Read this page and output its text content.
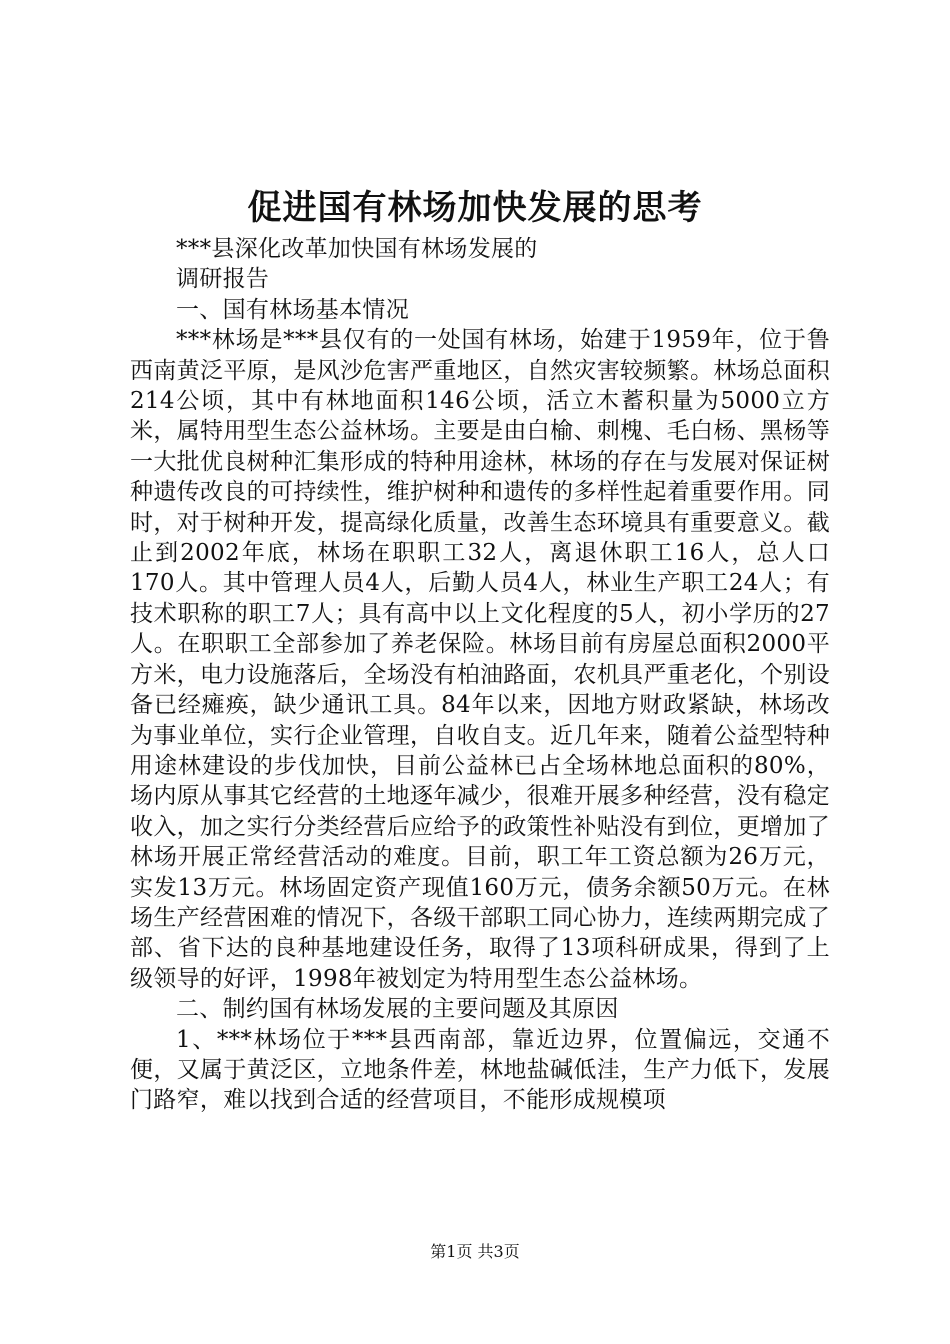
促进国有林场加快发展的思考

***县深化改革加快国有林场发展的

调研报告

一、国有林场基本情况

***林场是***县仅有的一处国有林场，始建于1959年，位于鲁西南黄泛平原，是风沙危害严重地区，自然灾害较频繁。林场总面积214公顷，其中有林地面积146公顷，活立木蓄积量为5000立方米，属特用型生态公益林场。主要是由白榆、刺槐、毛白杨、黑杨等一大批优良树种汇集形成的特种用途林，林场的存在与发展对保证树种遗传改良的可持续性，维护树种和遗传的多样性起着重要作用。同时，对于树种开发，提高绿化质量，改善生态环境具有重要意义。截止到2002年底，林场在职职工32人，离退休职工16人，总人口170人。其中管理人员4人，后勤人员4人，林业生产职工24人；有技术职称的职工7人；具有高中以上文化程度的5人，初小学历的27人。在职职工全部参加了养老保险。林场目前有房屋总面积2000平方米，电力设施落后，全场没有柏油路面，农机具严重老化，个别设备已经瘫痪，缺少通讯工具。84年以来，因地方财政紧缺，林场改为事业单位，实行企业管理，自收自支。近几年来，随着公益型特种用途林建设的步伐加快，目前公益林已占全场林地总面积的80%，场内原从事其它经营的土地逐年减少，很难开展多种经营，没有稳定收入，加之实行分类经营后应给予的政策性补贴没有到位，更增加了林场开展正常经营活动的难度。目前，职工年工资总额为26万元，实发13万元。林场固定资产现值160万元，债务余额50万元。在林场生产经营困难的情况下，各级干部职工同心协力，连续两期完成了部、省下达的良种基地建设任务，取得了13项科研成果，得到了上级领导的好评，1998年被划定为特用型生态公益林场。

二、制约国有林场发展的主要问题及其原因

1、***林场位于***县西南部，靠近边界，位置偏远，交通不便，又属于黄泛区，立地条件差，林地盐碱低洼，生产力低下，发展门路窄，难以找到合适的经营项目，不能形成规模项

第1页 共3页
